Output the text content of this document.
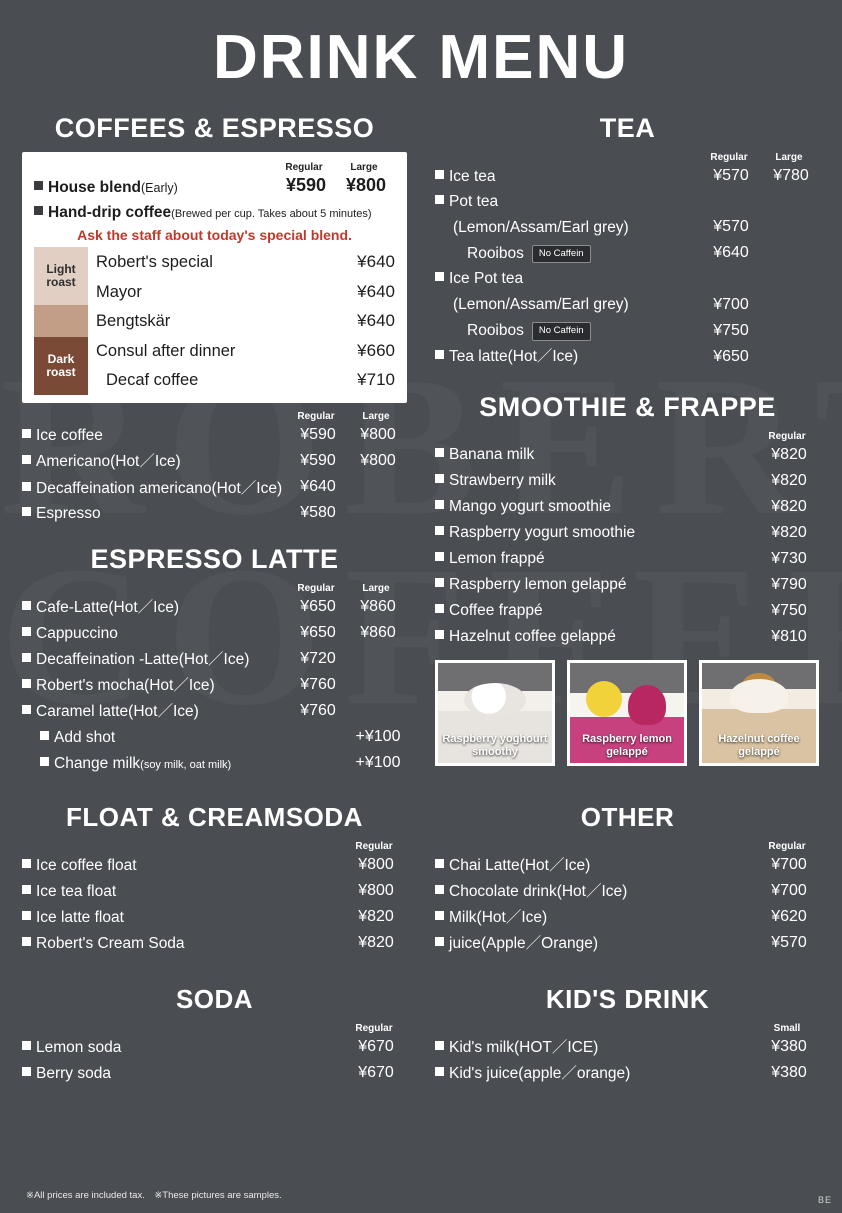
DRINK MENU
COFFEES & ESPRESSO
Regular	Large
House blend (Early)	¥590	¥800
Hand-drip coffee (Brewed per cup. Takes about 5 minutes)
Ask the staff about today's special blend.
Light roast
Dark roast
Robert's special	¥640
Mayor	¥640
Bengtskär	¥640
Consul after dinner	¥660
Decaf coffee	¥710
Regular	Large
Ice coffee	¥590	¥800
Americano(Hot／Ice)	¥590	¥800
Decaffeination americano(Hot／Ice)	¥640
Espresso	¥580
ESPRESSO LATTE
Regular	Large
Cafe-Latte(Hot／Ice)	¥650	¥860
Cappuccino	¥650	¥860
Decaffeination -Latte(Hot／Ice)	¥720
Robert's mocha(Hot／Ice)	¥760
Caramel latte(Hot／Ice)	¥760
Add shot	+¥100
Change milk (soy milk, oat milk)	+¥100
TEA
Regular	Large
Ice tea	¥570	¥780
Pot tea
(Lemon/Assam/Earl grey)	¥570
Rooibos	No Caffein	¥640
Ice Pot tea
(Lemon/Assam/Earl grey)	¥700
Rooibos	No Caffein	¥750
Tea latte(Hot／Ice)	¥650
SMOOTHIE & FRAPPE
Regular
Banana milk	¥820
Strawberry milk	¥820
Mango yogurt smoothie	¥820
Raspberry yogurt smoothie	¥820
Lemon frappé	¥730
Raspberry lemon gelappé	¥790
Coffee frappé	¥750
Hazelnut coffee gelappé	¥810
Raspberry yoghourt smoothy
Raspberry lemon gelappé
Hazelnut coffee gelappé
FLOAT & CREAMSODA
Regular
Ice coffee float	¥800
Ice tea float	¥800
Ice latte float	¥820
Robert's Cream Soda	¥820
OTHER
Regular
Chai Latte(Hot／Ice)	¥700
Chocolate drink(Hot／Ice)	¥700
Milk(Hot／Ice)	¥620
juice(Apple／Orange)	¥570
SODA
Regular
Lemon soda	¥670
Berry soda	¥670
KID'S DRINK
Small
Kid's milk(HOT／ICE)	¥380
Kid's juice(apple／orange)	¥380
※All prices are included tax.　※These pictures are samples.	BE
